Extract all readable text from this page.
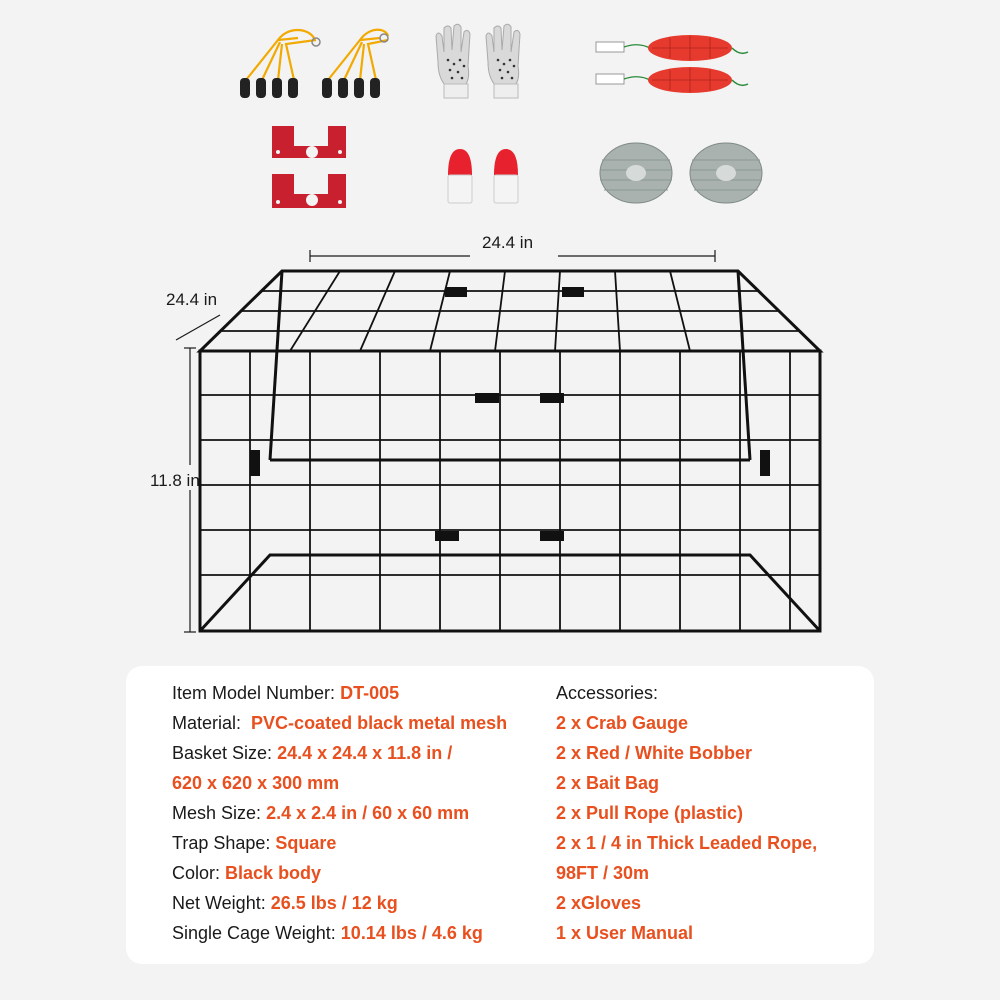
24.4 in
24.4 in
11.8 in
Item Model Number: DT-005
Material: PVC-coated black metal mesh
Basket Size: 24.4 x 24.4 x 11.8 in /
620 x 620 x 300 mm
Mesh Size: 2.4 x 2.4 in / 60 x 60 mm
Trap Shape: Square
Color: Black body
Net Weight: 26.5 lbs / 12 kg
Single Cage Weight: 10.14 lbs / 4.6 kg
Accessories:
2 x Crab Gauge
2 x Red / White Bobber
2 x Bait Bag
2 x Pull Rope (plastic)
2 x 1 / 4 in Thick Leaded Rope,
98FT / 30m
2 xGloves
1 x User Manual
